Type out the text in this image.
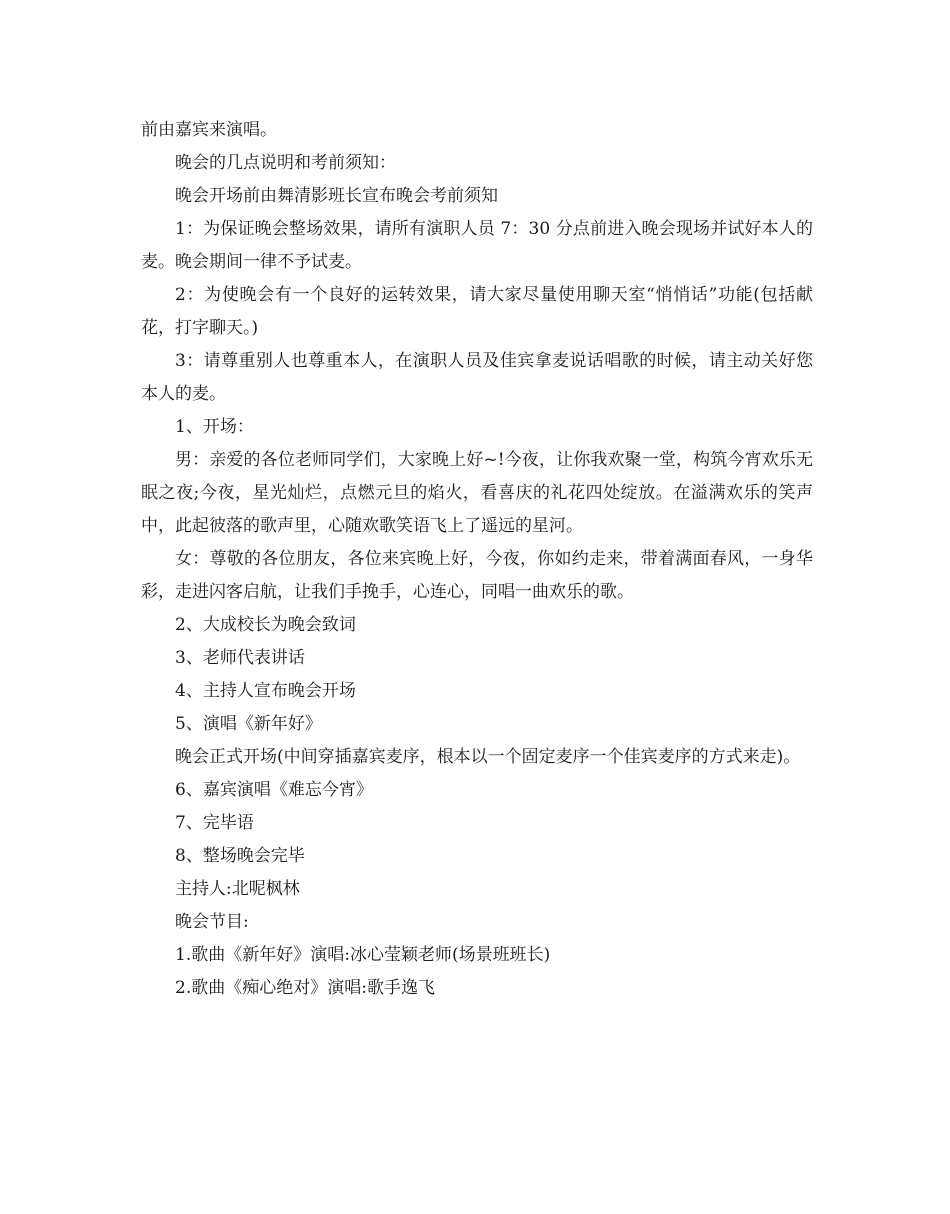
前由嘉宾来演唱。

晚会的几点说明和考前须知：

晚会开场前由舞清影班长宣布晚会考前须知

1：为保证晚会整场效果，请所有演职人员 7：30 分点前进入晚会现场并试好本人的麦。晚会期间一律不予试麦。

2：为使晚会有一个良好的运转效果，请大家尽量使用聊天室“悄悄话”功能(包括献花，打字聊天。)

3：请尊重别人也尊重本人，在演职人员及佳宾拿麦说话唱歌的时候，请主动关好您本人的麦。

1、开场：

男：亲爱的各位老师同学们，大家晚上好~!今夜，让你我欢聚一堂，构筑今宵欢乐无眠之夜;今夜，星光灿烂，点燃元旦的焰火，看喜庆的礼花四处绽放。在溢满欢乐的笑声中，此起彼落的歌声里，心随欢歌笑语飞上了遥远的星河。

女：尊敬的各位朋友，各位来宾晚上好，今夜，你如约走来，带着满面春风，一身华彩，走进闪客启航，让我们手挽手，心连心，同唱一曲欢乐的歌。

2、大成校长为晚会致词

3、老师代表讲话

4、主持人宣布晚会开场

5、演唱《新年好》

晚会正式开场(中间穿插嘉宾麦序，根本以一个固定麦序一个佳宾麦序的方式来走)。

6、嘉宾演唱《难忘今宵》

7、完毕语

8、整场晚会完毕

主持人:北呢枫林

晚会节目:

1.歌曲《新年好》演唱:冰心莹颖老师(场景班班长)

2.歌曲《痴心绝对》演唱:歌手逸飞
